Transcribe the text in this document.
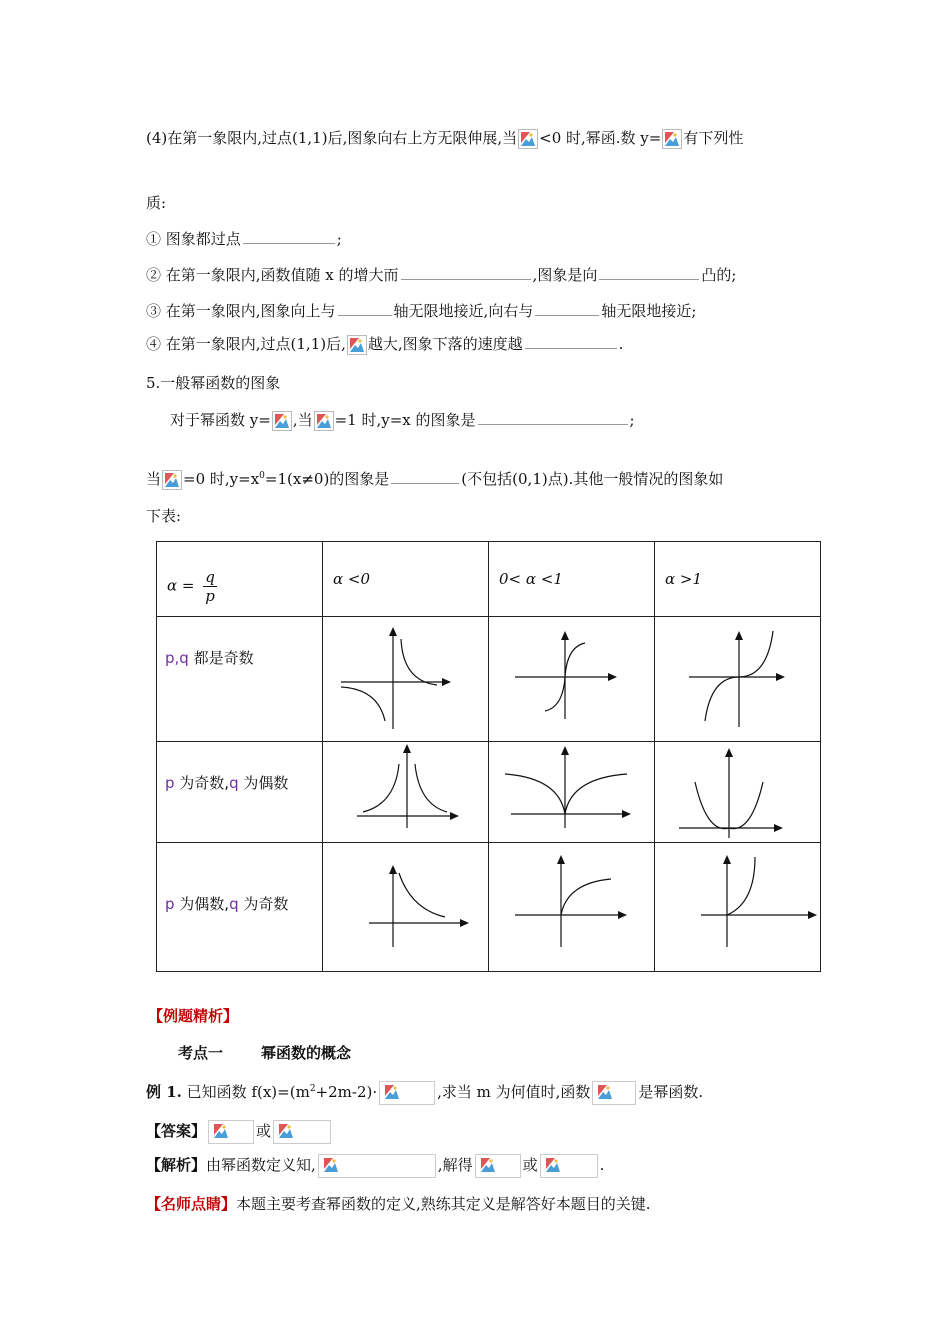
(4)在第一象限内,过点(1,1)后,图象向右上方无限伸展,当 <0 时,幂函.数 y= 有下列性
质:
① 图象都过点	;
② 在第一象限内,函数值随 x 的增大而	,图象是向	凸的;
③ 在第一象限内,图象向上与	轴无限地接近,向右与	轴无限地接近;
④ 在第一象限内,过点(1,1)后, 越大,图象下落的速度越	.
5.一般幂函数的图象
对于幂函数 y= ,当 =1 时,y=x 的图象是	;
当 =0 时$,y=x^0=1(x\ne 0)$的图象是	(不包括(0,1)点).其他一般情况的图象如
下表:
$\alpha = \frac{q}{p}$	α <0	0< α <1	α >1

p,q 都是奇数

p 为奇数,q 为偶数

p 为偶数,q 为奇数

【例题精析】
考点一	幂函数的概念
例 1. 已知函数 $f(x)=(m^2+2m-2)\cdot$	,求当 m 为何值时,函数	是幂函数.
【答案】	或
【解析】由幂函数定义知,	,解得	或	.
【名师点睛】本题主要考查幂函数的定义,熟练其定义是解答好本题目的关键.
